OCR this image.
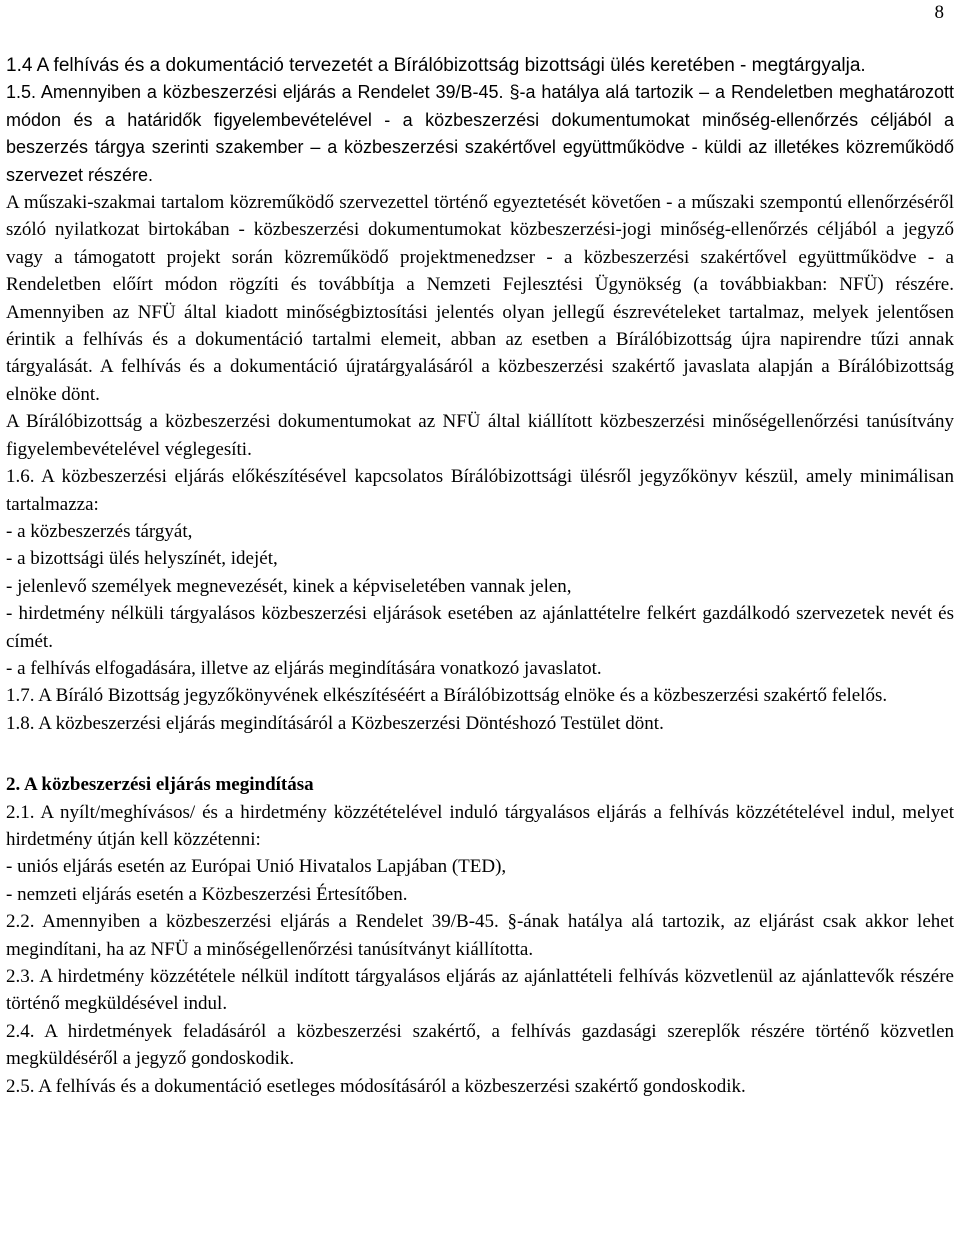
8

1.4 A felhívás és a dokumentáció tervezetét a Bírálóbizottság bizottsági ülés keretében - megtárgyalja.

1.5. Amennyiben a közbeszerzési eljárás a Rendelet 39/B-45. §-a hatálya alá tartozik – a Rendeletben meghatározott módon és a határidők figyelembevételével - a közbeszerzési dokumentumokat minőség-ellenőrzés céljából a beszerzés tárgya szerinti szakember – a közbeszerzési szakértővel együttműködve - küldi az illetékes közreműködő szervezet részére.

A műszaki-szakmai tartalom közreműködő szervezettel történő egyeztetését követően - a műszaki szempontú ellenőrzéséről szóló nyilatkozat birtokában - közbeszerzési dokumentumokat közbeszerzési-jogi minőség-ellenőrzés céljából a jegyző vagy a támogatott projekt során közreműködő projektmenedzser - a közbeszerzési szakértővel együttműködve - a Rendeletben előírt módon rögzíti és továbbítja a Nemzeti Fejlesztési Ügynökség (a továbbiakban: NFÜ) részére. Amennyiben az NFÜ által kiadott minőségbiztosítási jelentés olyan jellegű észrevételeket tartalmaz, melyek jelentősen érintik a felhívás és a dokumentáció tartalmi elemeit, abban az esetben a Bírálóbizottság újra napirendre tűzi annak tárgyalását. A felhívás és a dokumentáció újratárgyalásáról a közbeszerzési szakértő javaslata alapján a Bírálóbizottság elnöke dönt.

A Bírálóbizottság a közbeszerzési dokumentumokat az NFÜ által kiállított közbeszerzési minőségellenőrzési tanúsítvány figyelembevételével véglegesíti.

1.6. A közbeszerzési eljárás előkészítésével kapcsolatos Bírálóbizottsági ülésről jegyzőkönyv készül, amely minimálisan tartalmazza:

- a közbeszerzés tárgyát,

- a bizottsági ülés helyszínét, idejét,

- jelenlevő személyek megnevezését, kinek a képviseletében vannak jelen,

- hirdetmény nélküli tárgyalásos közbeszerzési eljárások esetében az ajánlattételre felkért gazdálkodó szervezetek nevét és címét.

- a felhívás elfogadására, illetve az eljárás megindítására vonatkozó javaslatot.

1.7. A Bíráló Bizottság jegyzőkönyvének elkészítéséért a Bírálóbizottság elnöke és a közbeszerzési szakértő felelős.

1.8. A közbeszerzési eljárás megindításáról a Közbeszerzési Döntéshozó Testület dönt.

2. A közbeszerzési eljárás megindítása

2.1. A nyílt/meghívásos/ és a hirdetmény közzétételével induló tárgyalásos eljárás a felhívás közzétételével indul, melyet hirdetmény útján kell közzétenni:

- uniós eljárás esetén az Európai Unió Hivatalos Lapjában (TED),

- nemzeti eljárás esetén a Közbeszerzési Értesítőben.

2.2. Amennyiben a közbeszerzési eljárás a Rendelet 39/B-45. §-ának hatálya alá tartozik, az eljárást csak akkor lehet megindítani, ha az NFÜ a minőségellenőrzési tanúsítványt kiállította.

2.3. A hirdetmény közzététele nélkül indított tárgyalásos eljárás az ajánlattételi felhívás közvetlenül az ajánlattevők részére történő megküldésével indul.

2.4. A hirdetmények feladásáról a közbeszerzési szakértő, a felhívás gazdasági szereplők részére történő közvetlen megküldéséről a jegyző gondoskodik.

2.5. A felhívás és a dokumentáció esetleges módosításáról a közbeszerzési szakértő gondoskodik.
